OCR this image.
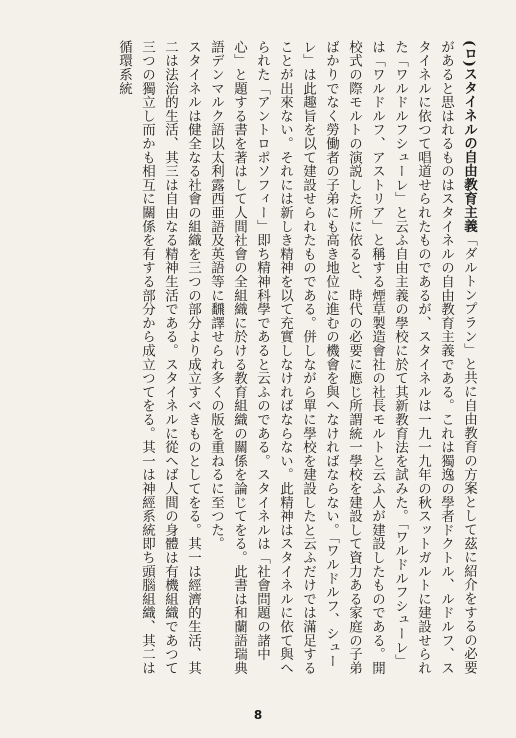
(ロ)スタイネルの自由教育主義「ダルトンプラン」と共に自由教育の方案として茲に紹介をするの必要があると思はれるものはスタイネルの自由教育主義である。これは獨逸の學者ドクトル、ルドルフ、スタイネルに依つて唱道せられたものであるが、スタイネルは一九一九年の秋スットガルトに建設せられた「ワルドルフシューレ」と云ふ自由主義の學校に於て其新教育法を試みた。「ワルドルフシューレ」は「ワルドルフ、アストリア」と稱する煙草製造會社の社長モルトと云ふ人が建設したものである。開校式の際モルトの演説した所に依ると、時代の必要に應じ所謂統一學校を建設して資力ある家庭の子弟ばかりでなく勞働者の子弟にも高き地位に進むの機會を與へなければならない。「ワルドルフ、シューレ」は此趣旨を以て建設せられたものである。併しながら單に學校を建設したと云ふだけでは滿足することが出來ない。それには新しき精神を以て充實しなければならない。此精神はスタイネルに依て與へられた「アントロポソフィー」即ち精神科學であると云ふのである。スタイネルは「社會問題の諸中心」と題する書を著はして人間社會の全組織に於ける教育組織の關係を論じてをる。此書は和蘭語瑞典語デンマルク語以太利露西亜語及英語等に飜譯せられ多くの版を重ねるに至つた。

スタイネルは健全なる社會の組織を三つの部分より成立すべきものとしてをる。其一は經濟的生活、其二は法治的生活、其三は自由なる精神生活である。スタイネルに從へば人間の身體は有機組織であつて三つの獨立し而かも相互に關係を有する部分から成立つてをる。其一は神經系統即ち頭腦組織、其二は循環系統

8
